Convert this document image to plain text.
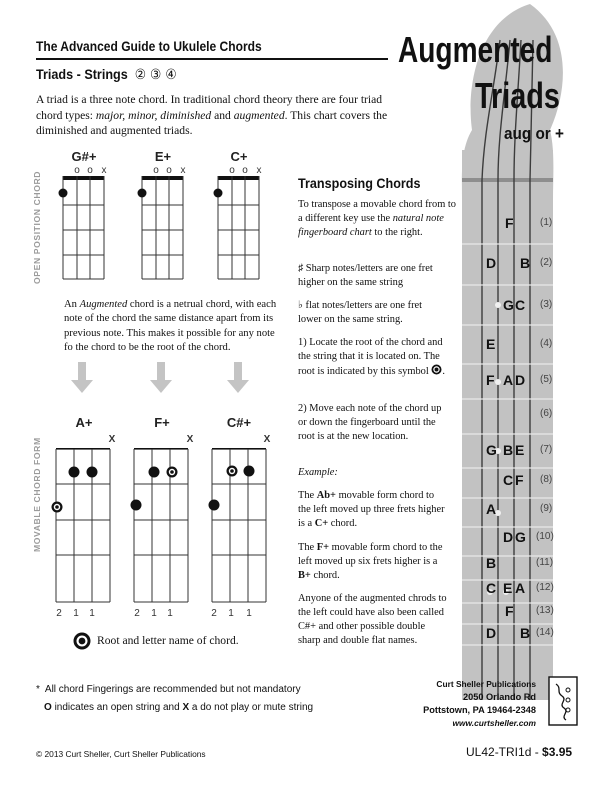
The Advanced Guide to Ukulele Chords
Triads - Strings ② ③ ④
A triad is a three note chord. In traditional chord theory there are four triad chord types: major, minor, diminished and augmented. This chart covers the diminished and augmented triads.
F	(1)
D B (2)
G C (3)
E	(4)
F A D (5)
(6)
G B E (7)
C F (8)
A	(9)
D G (10)
B	(11)
C E A (12)
F (13)
D B (14)
Augmented
Triads
aug or +
OPEN POSITION CHORD
MOVABLE CHORD FORM
G#+
o o x
E+
o o x
C+
o o x
An Augmented chord is a netrual chord, with each note of the chord the same distance apart from its previous note. This makes it possible for any note fo the chord to be the root of the chord.
A+
X
2 1 1
F+
X
2 1 1
C#+
X
2 1 1
Root and letter name of chord.
Transposing Chords
To transpose a movable chord from to a different key use the natural note fingerboard chart to the right.
♯ Sharp notes/letters are one fret higher on the same string
♭ flat notes/letters are one fret lower on the same string.
1) Locate the root of the chord and the string that it is located on. The root is indicated by this symbol .
2) Move each note of the chord up or down the fingerboard until the root is at the new location.
Example:
The Ab+ movable form chord to the left moved up three frets higher is a C+ chord.
The F+ movable form chord to the left moved up six frets higher is a B+ chord.
Anyone of the augmented chrods to the left could have also been called C#+ and other possible double sharp and double flat names.
*  All chord Fingerings are recommended but not mandatory
O indicates an open string and X a do not play or mute string
Curt Sheller Publications
2050 Orlando Rd
Pottstown, PA 19464-2348
www.curtsheller.com
© 2013 Curt Sheller, Curt Sheller Publications	UL42-TRI1d - $3.95
